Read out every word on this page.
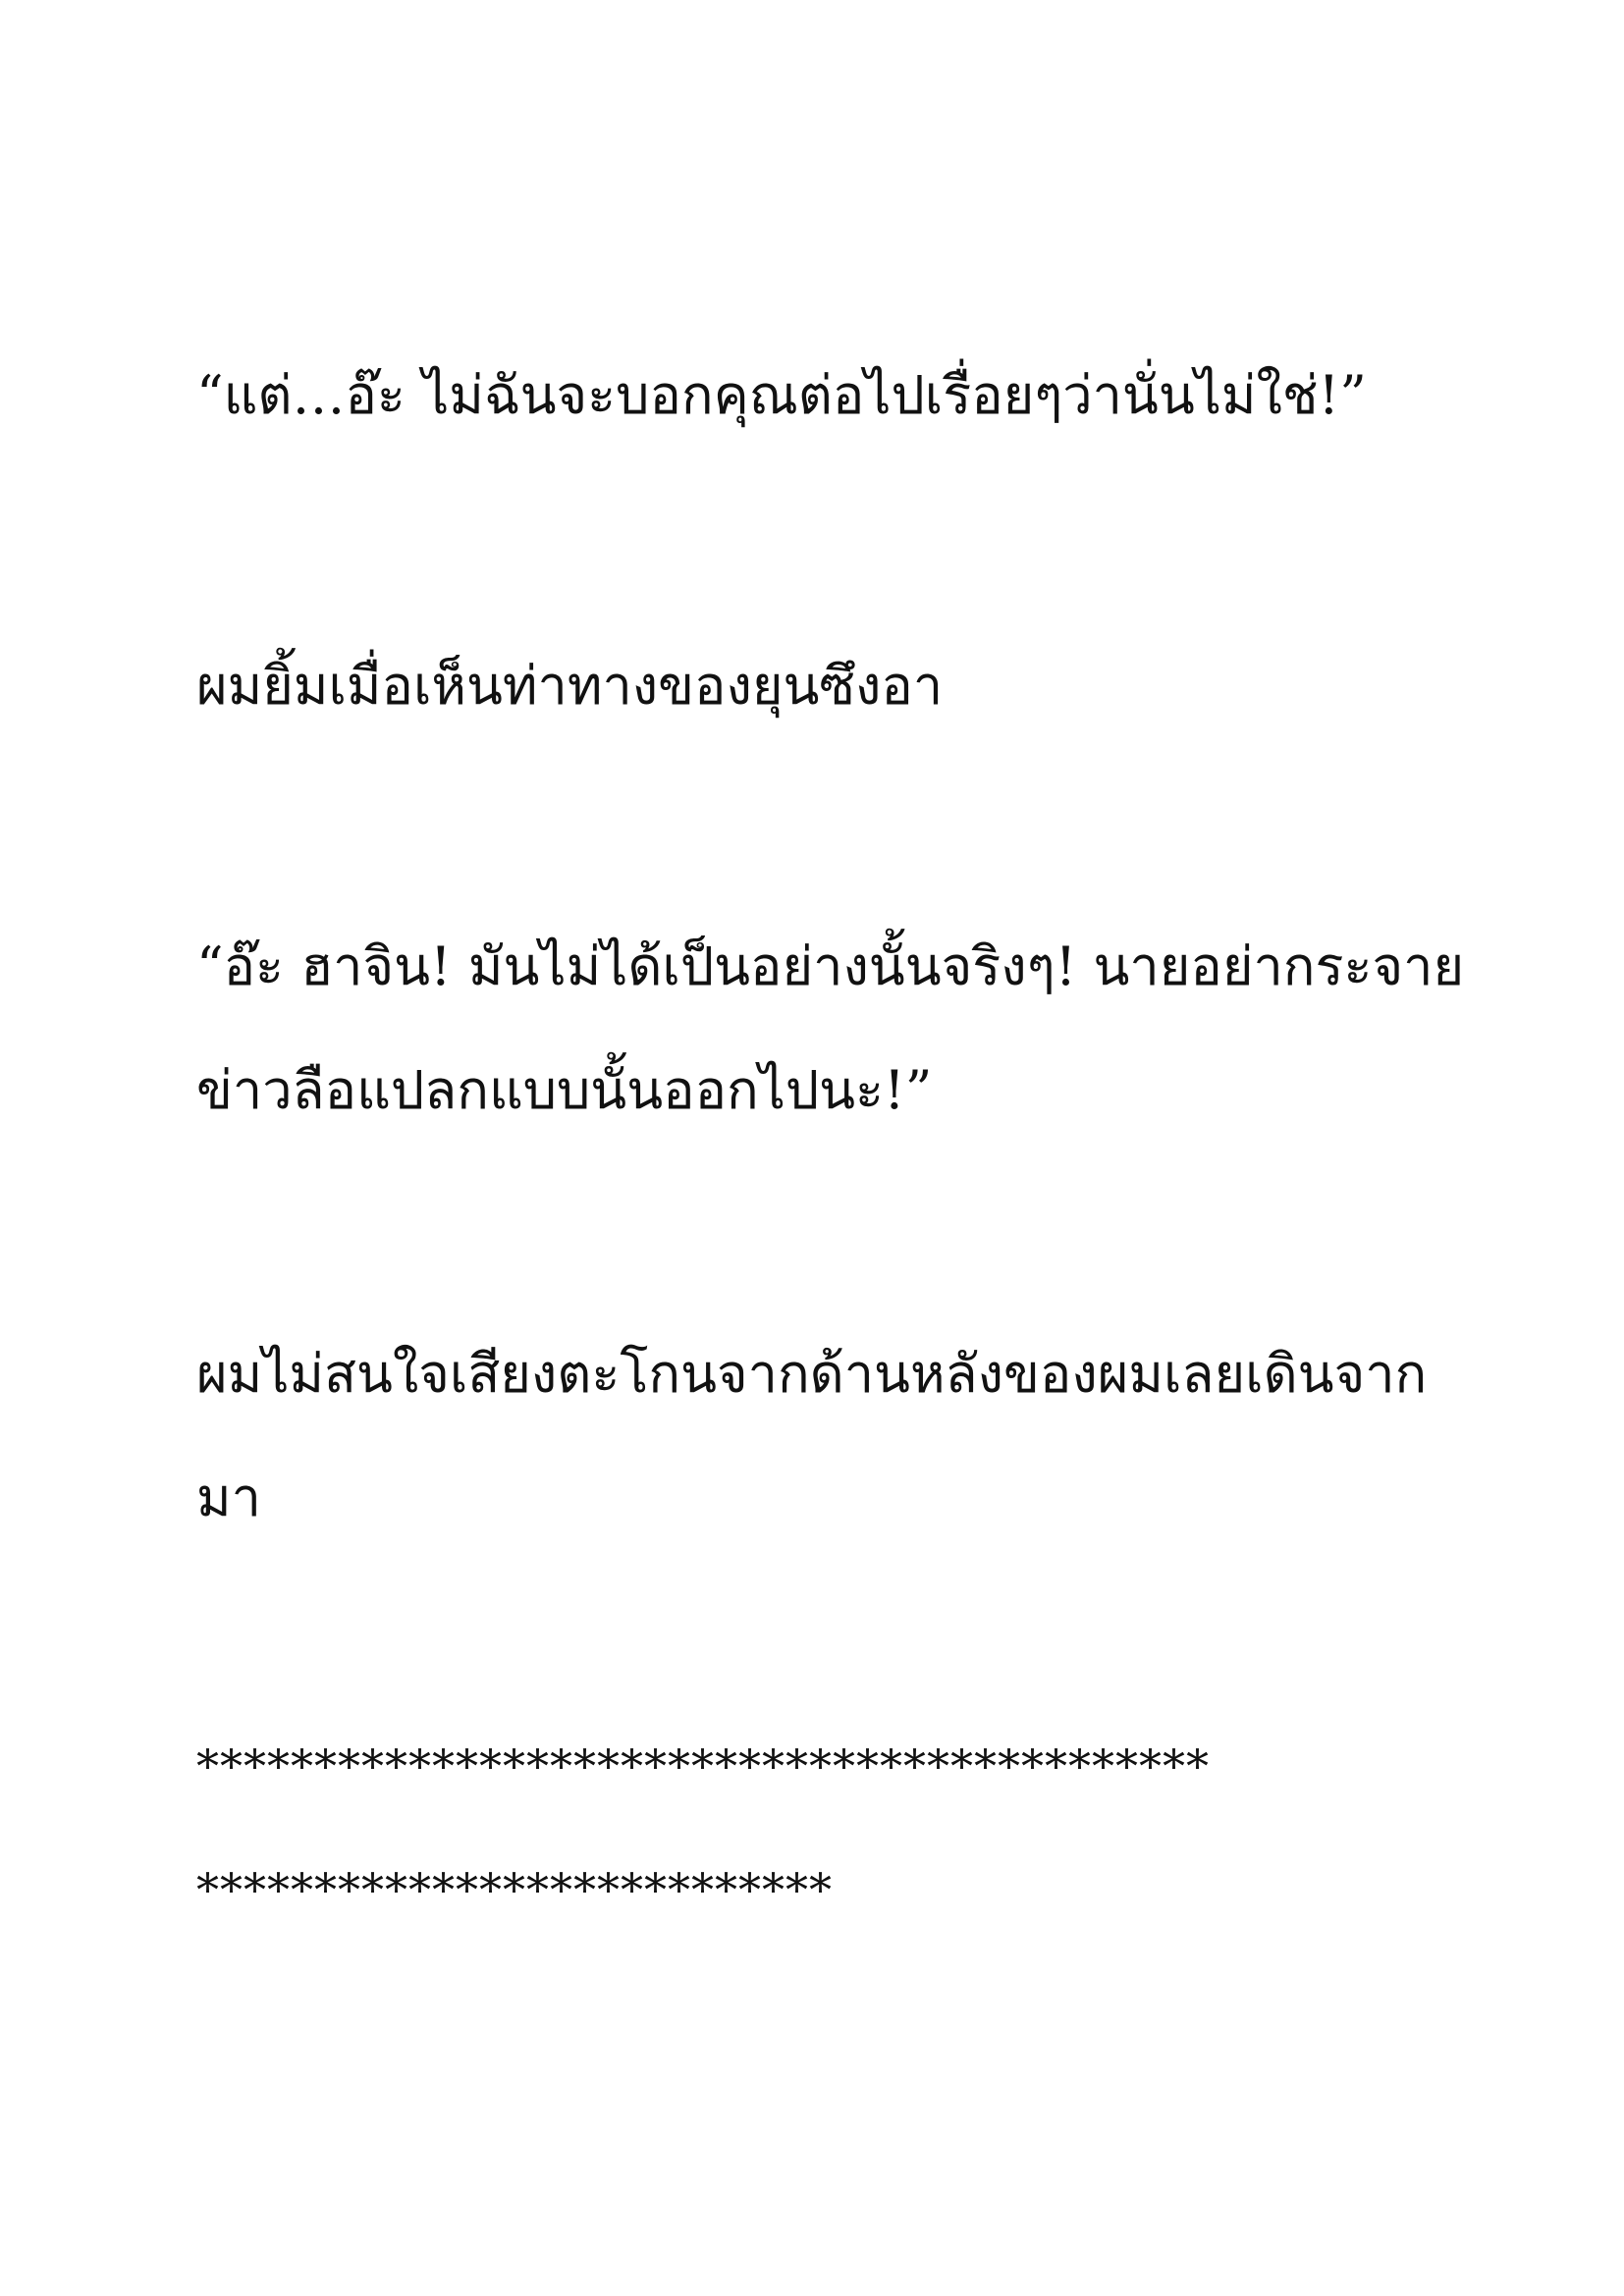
“แต่…อ๊ะ ไม่ฉันจะบอกคุณต่อไปเรื่อยๆว่านั่นไม่ใช่!”

ผมยิ้มเมื่อเห็นท่าทางของยุนซึงอา

“อ๊ะ ฮาจิน! มันไม่ได้เป็นอย่างนั้นจริงๆ! นายอย่ากระจาย
ข่าวลือแปลกแบบนั้นออกไปนะ!”

ผมไม่สนใจเสียงตะโกนจากด้านหลังของผมเลยเดินจาก
มา

*******************************************
***************************
